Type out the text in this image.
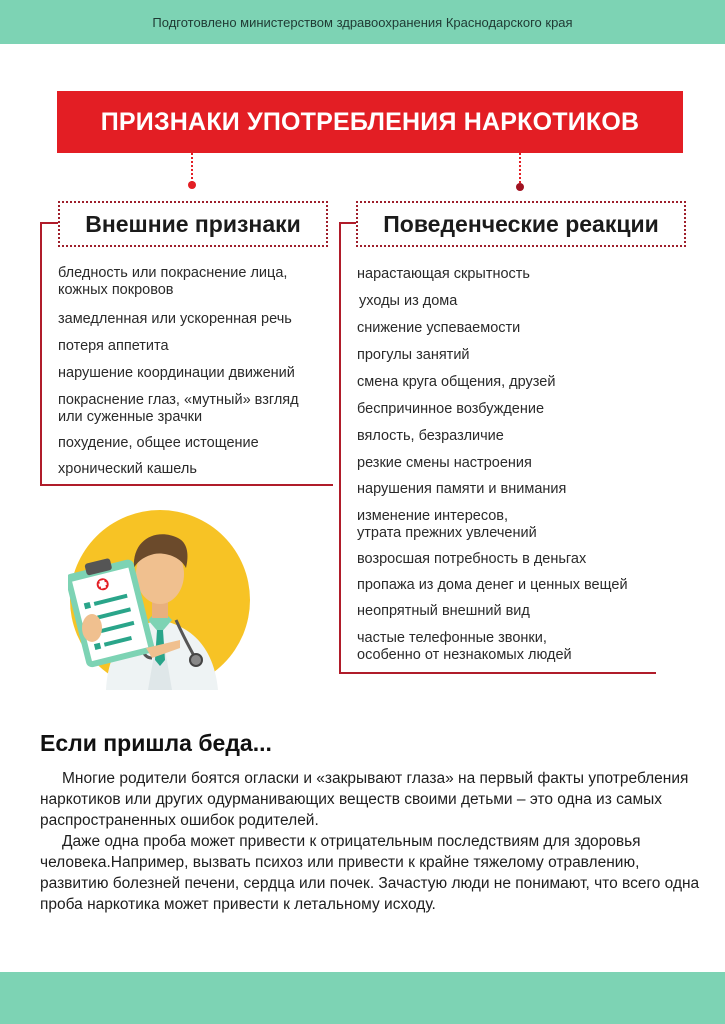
Подготовлено министерством здравоохранения Краснодарского края
ПРИЗНАКИ УПОТРЕБЛЕНИЯ НАРКОТИКОВ
Внешние признаки
бледность или покраснение лица,
кожных покровов
замедленная или ускоренная речь
потеря аппетита
нарушение координации движений
покраснение глаз, «мутный» взгляд
или суженные зрачки
похудение, общее истощение
хронический кашель
Поведенческие реакции
нарастающая скрытность
уходы из дома
снижение успеваемости
прогулы занятий
смена круга общения, друзей
беспричинное возбуждение
вялость, безразличие
резкие смены настроения
нарушения памяти и внимания
изменение интересов,
утрата прежних увлечений
возросшая потребность в деньгах
пропажа из дома денег и ценных вещей
неопрятный внешний вид
частые телефонные звонки,
особенно от незнакомых людей
Если пришла беда...

Многие родители боятся огласки и «закрывают глаза» на первый факты употребления наркотиков или других одурманивающих веществ своими детьми – это одна из самых распространенных ошибок родителей.

Даже одна проба может привести к отрицательным последствиям для здоровья человека.Например, вызвать психоз или привести к крайне тяжелому отравлению, развитию болезней печени, сердца или почек. Зачастую люди не понимают, что всего одна проба наркотика может привести к летальному исходу.
